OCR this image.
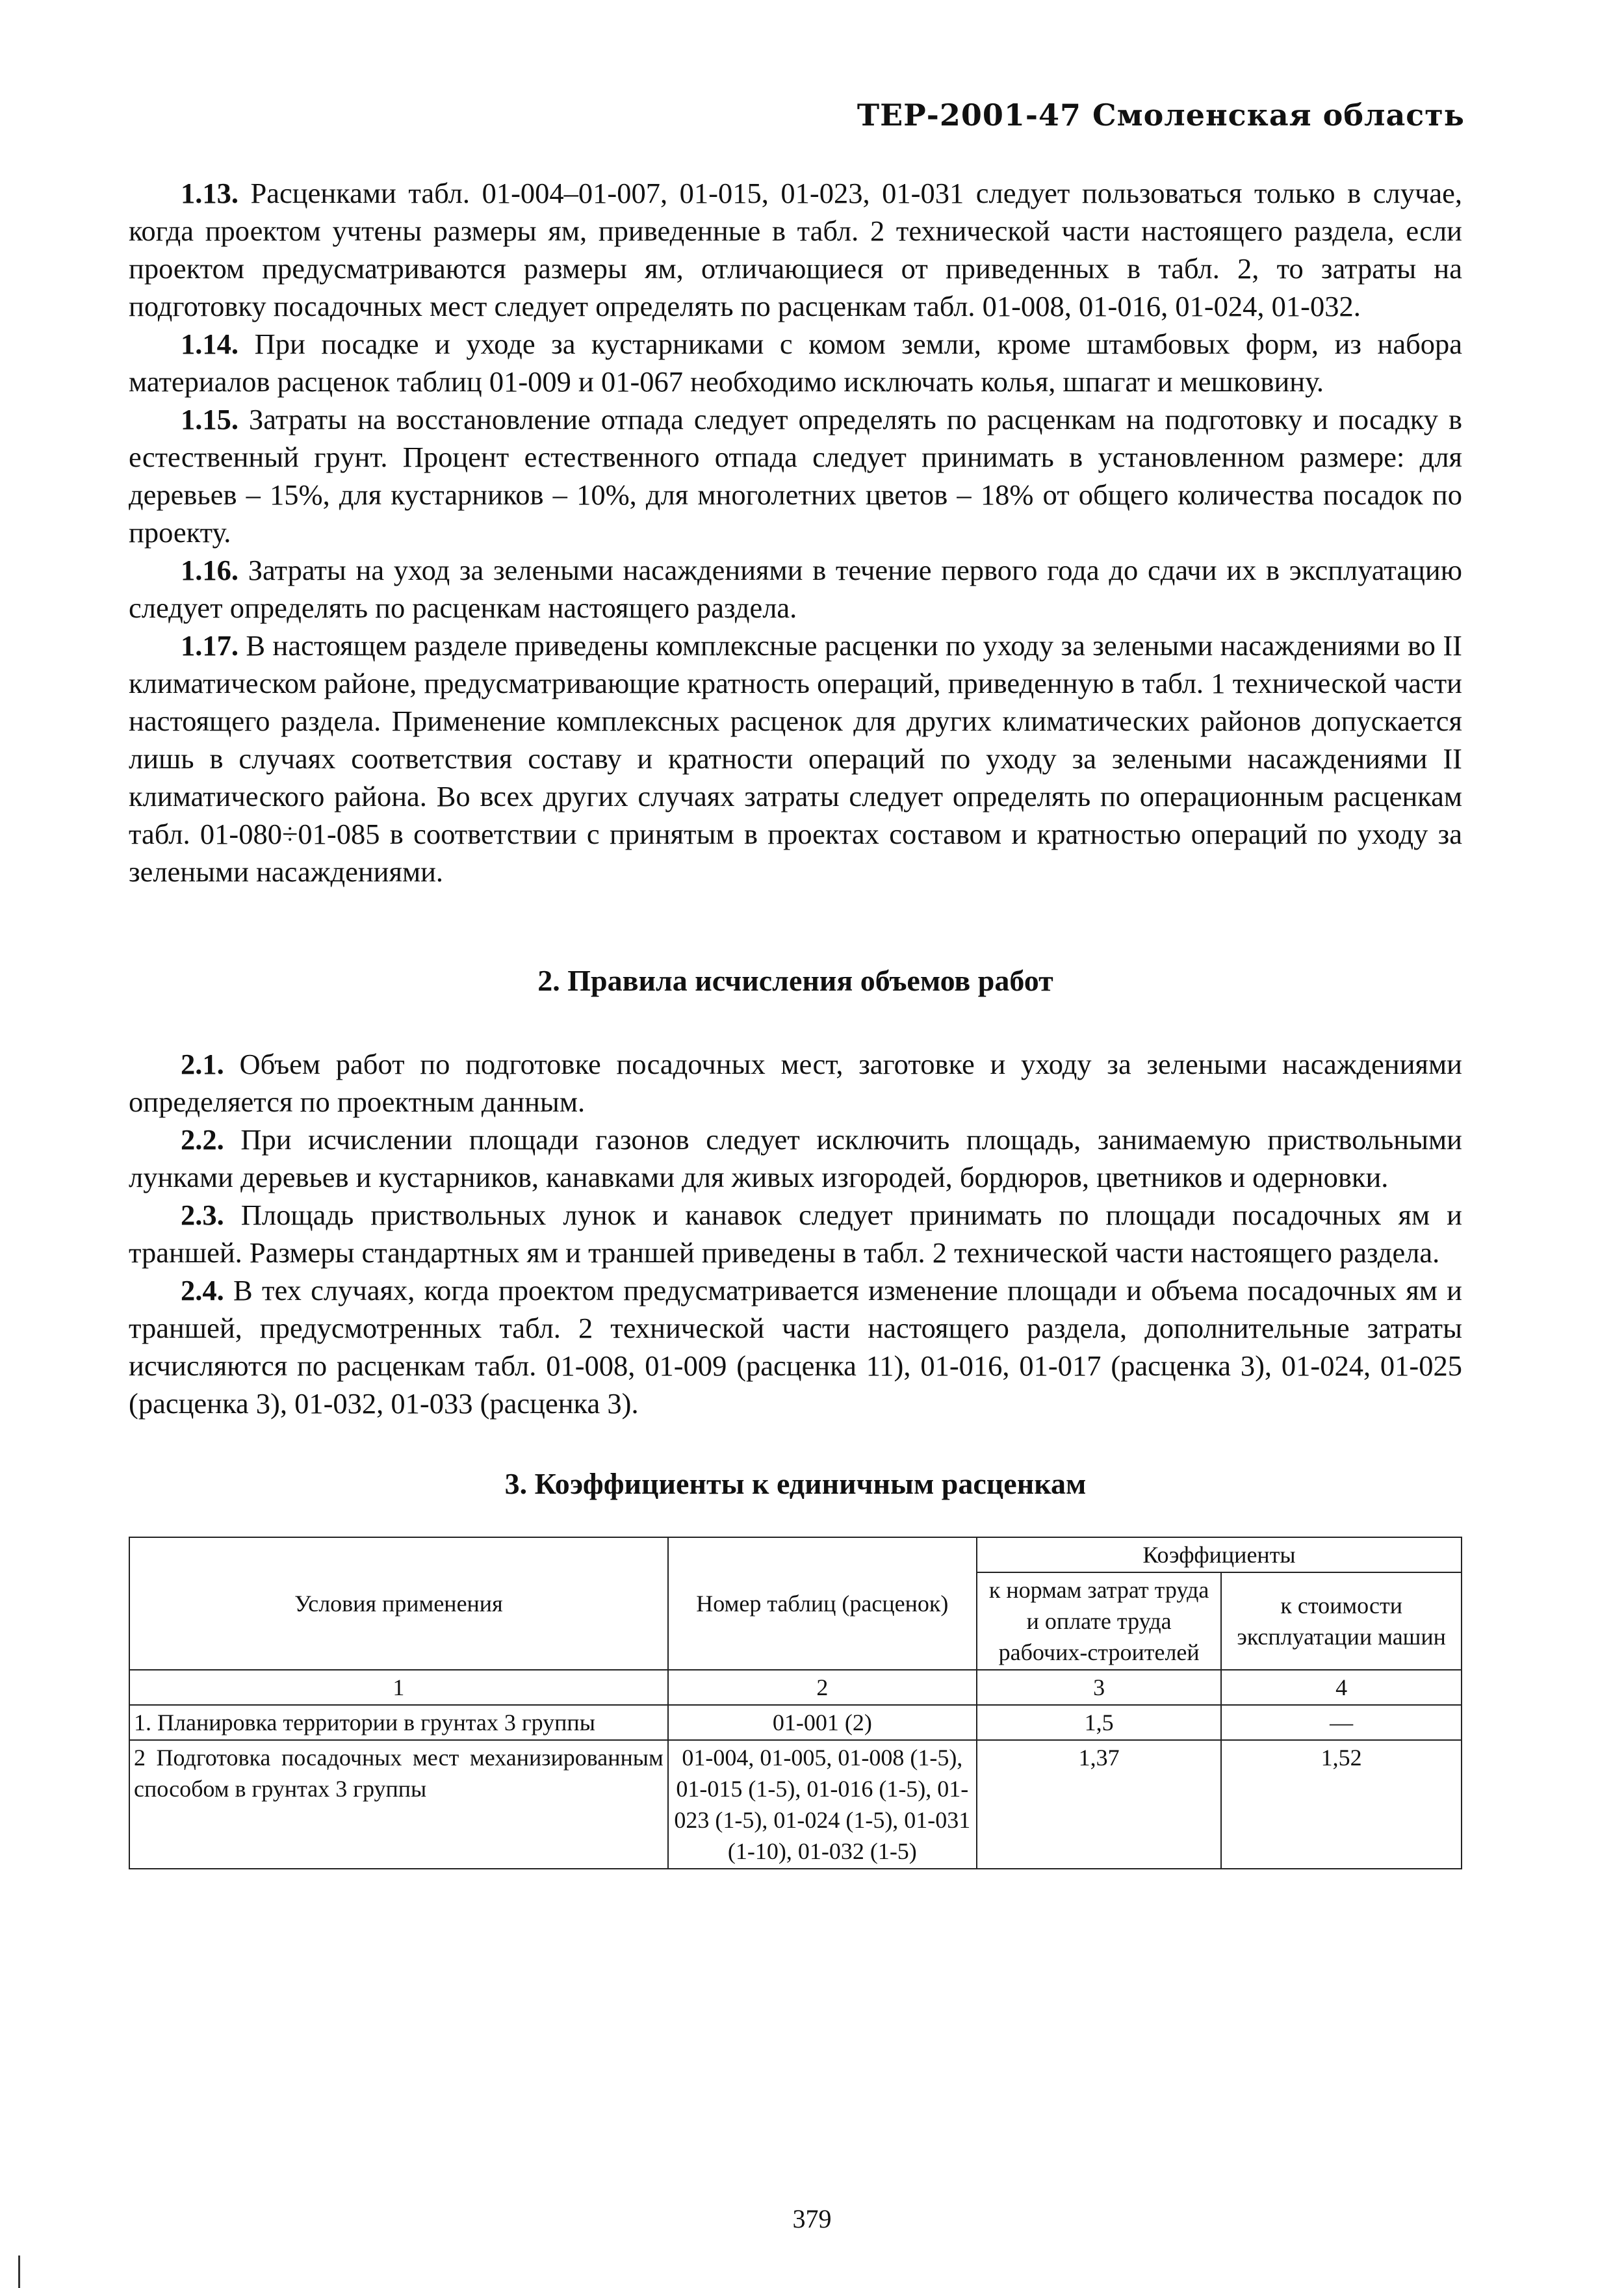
ТЕР-2001-47 Смоленская область

1.13. Расценками табл. 01-004–01-007, 01-015, 01-023, 01-031 следует пользоваться только в случае, когда проектом учтены размеры ям, приведенные в табл. 2 технической части настоящего раздела, если проектом предусматриваются размеры ям, отличающиеся от приведенных в табл. 2, то затраты на подготовку посадочных мест следует определять по расценкам табл. 01-008, 01-016, 01-024, 01-032.

1.14. При посадке и уходе за кустарниками с комом земли, кроме штамбовых форм, из набора материалов расценок таблиц 01-009 и 01-067 необходимо исключать колья, шпагат и мешковину.

1.15. Затраты на восстановление отпада следует определять по расценкам на подготовку и посадку в естественный грунт. Процент естественного отпада следует принимать в установленном размере: для деревьев – 15%, для кустарников – 10%, для многолетних цветов – 18% от общего количества посадок по проекту.

1.16. Затраты на уход за зелеными насаждениями в течение первого года до сдачи их в эксплуатацию следует определять по расценкам настоящего раздела.

1.17. В настоящем разделе приведены комплексные расценки по уходу за зелеными насаждениями во II климатическом районе, предусматривающие кратность операций, приведенную в табл. 1 технической части настоящего раздела. Применение комплексных расценок для других климатических районов допускается лишь в случаях соответствия составу и кратности операций по уходу за зелеными насаждениями II климатического района. Во всех других случаях затраты следует определять по операционным расценкам табл. 01-080÷01-085 в соответствии с принятым в проектах составом и кратностью операций по уходу за зелеными насаждениями.

2. Правила исчисления объемов работ

2.1. Объем работ по подготовке посадочных мест, заготовке и уходу за зелеными насаждениями определяется по проектным данным.

2.2. При исчислении площади газонов следует исключить площадь, занимаемую приствольными лунками деревьев и кустарников, канавками для живых изгородей, бордюров, цветников и одерновки.

2.3. Площадь приствольных лунок и канавок следует принимать по площади посадочных ям и траншей. Размеры стандартных ям и траншей приведены в табл. 2 технической части настоящего раздела.

2.4. В тех случаях, когда проектом предусматривается изменение площади и объема посадочных ям и траншей, предусмотренных табл. 2 технической части настоящего раздела, дополнительные затраты исчисляются по расценкам табл. 01-008, 01-009 (расценка 11), 01-016, 01-017 (расценка 3), 01-024, 01-025 (расценка 3), 01-032, 01-033 (расценка 3).

3. Коэффициенты к единичным расценкам
Условия применения	Номер таблиц (расценок)	Коэффициенты	
		к нормам затрат труда и оплате труда рабочих-строителей	к стоимости эксплуатации машин
1	2	3	4
1. Планировка территории в грунтах 3 группы	01-001 (2)	1,5	—
2 Подготовка посадочных мест механизированным способом в грунтах 3 группы	01-004, 01-005, 01-008 (1-5), 01-015 (1-5), 01-016 (1-5), 01-023 (1-5), 01-024 (1-5), 01-031 (1-10), 01-032 (1-5)	1,37	1,52
379
